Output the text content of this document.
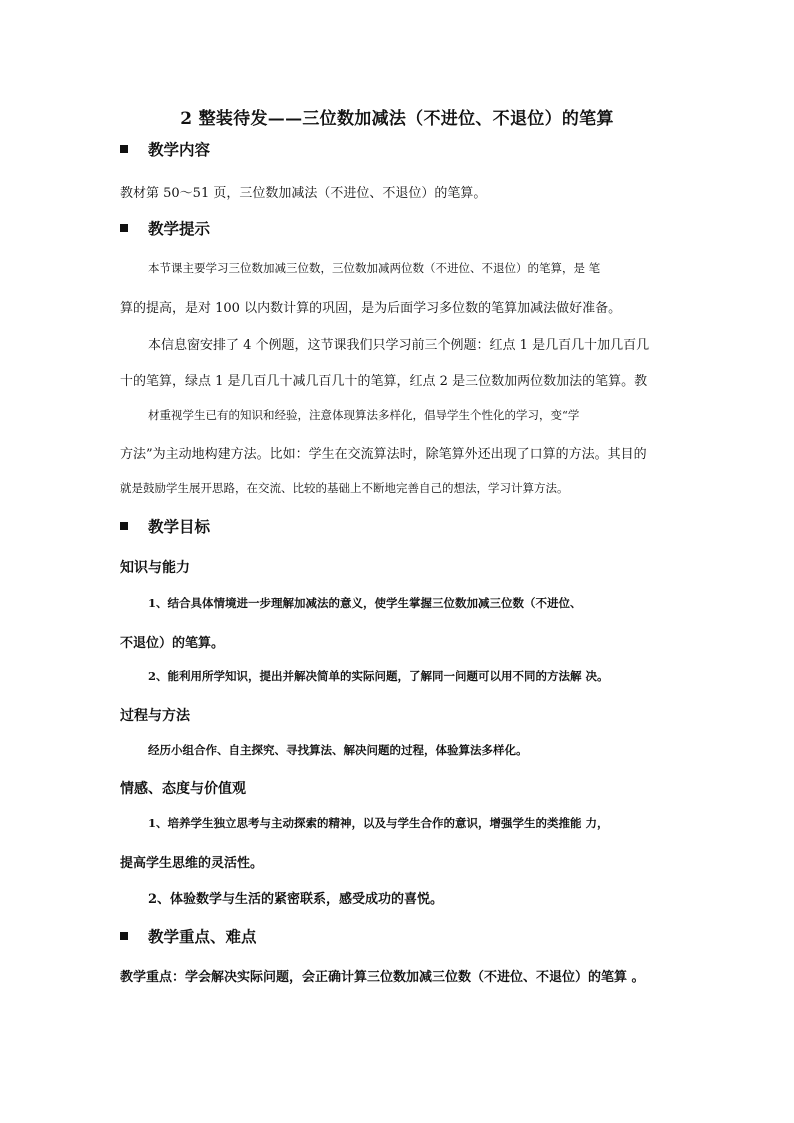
2 整装待发——三位数加减法（不进位、不退位）的笔算
教学内容
教材第 50～51 页，三位数加减法（不进位、不退位）的笔算。
教学提示
本节课主要学习三位数加减三位数，三位数加减两位数（不进位、不退位）的笔算，是 笔
算的提高，是对 100 以内数计算的巩固，是为后面学习多位数的笔算加减法做好准备。
本信息窗安排了 4 个例题，这节课我们只学习前三个例题：红点 1 是几百几十加几百几
十的笔算，绿点 1 是几百几十减几百几十的笔算，红点 2 是三位数加两位数加法的笔算。教
材重视学生已有的知识和经验，注意体现算法多样化，倡导学生个性化的学习，变“学
方法”为主动地构建方法。比如：学生在交流算法时，除笔算外还出现了口算的方法。其目的
就是鼓励学生展开思路，在交流、比较的基础上不断地完善自己的想法，学习计算方法。
教学目标
知识与能力
1、结合具体情境进一步理解加减法的意义，使学生掌握三位数加减三位数（不进位、
不退位）的笔算。
2、能利用所学知识，提出并解决简单的实际问题，了解同一问题可以用不同的方法解 决。
过程与方法
经历小组合作、自主探究、寻找算法、解决问题的过程，体验算法多样化。
情感、态度与价值观
1、培养学生独立思考与主动探索的精神，以及与学生合作的意识，增强学生的类推能 力，
提高学生思维的灵活性。
2、体验数学与生活的紧密联系，感受成功的喜悦。
教学重点、难点
教学重点：学会解决实际问题，会正确计算三位数加减三位数（不进位、不退位）的笔算 。
